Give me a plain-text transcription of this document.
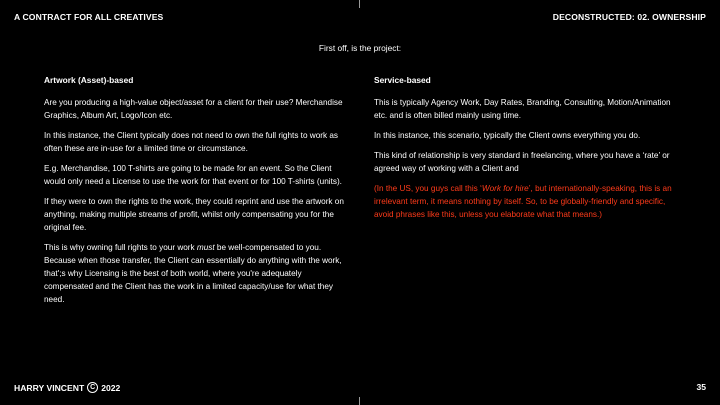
A CONTRACT FOR ALL CREATIVES	DECONSTRUCTED: 02. OWNERSHIP
First off, is the project:
Artwork (Asset)-based

Are you producing a high-value object/asset for a client for their use? Merchandise Graphics, Album Art, Logo/Icon etc.

In this instance, the Client typically does not need to own the full rights to work as often these are in-use for a limited time or circumstance.

E.g. Merchandise, 100 T-shirts are going to be made for an event. So the Client would only need a License to use the work for that event or for 100 T-shirts (units).

If they were to own the rights to the work, they could reprint and use the artwork on anything, making multiple streams of profit, whilst only compensating you for the original fee.

This is why owning full rights to your work must be well-compensated to you. Because when those transfer, the Client can essentially do anything with the work, that';s why Licensing is the best of both world, where you're adequately compensated and the Client has the work in a limited capacity/use for what they need.

Service-based

This is typically Agency Work, Day Rates, Branding, Consulting, Motion/Animation etc. and is often billed mainly using time.

In this instance, this scenario, typically the Client owns everything you do.

This kind of relationship is very standard in freelancing, where you have a ‘rate’ or agreed way of working with a Client and

(In the US, you guys call this ‘Work for hire’, but internationally-speaking, this is an irrelevant term, it means nothing by itself. So, to be globally-friendly and specific, avoid phrases like this, unless you elaborate what that means.)

HARRY VINCENT C 2022	35
